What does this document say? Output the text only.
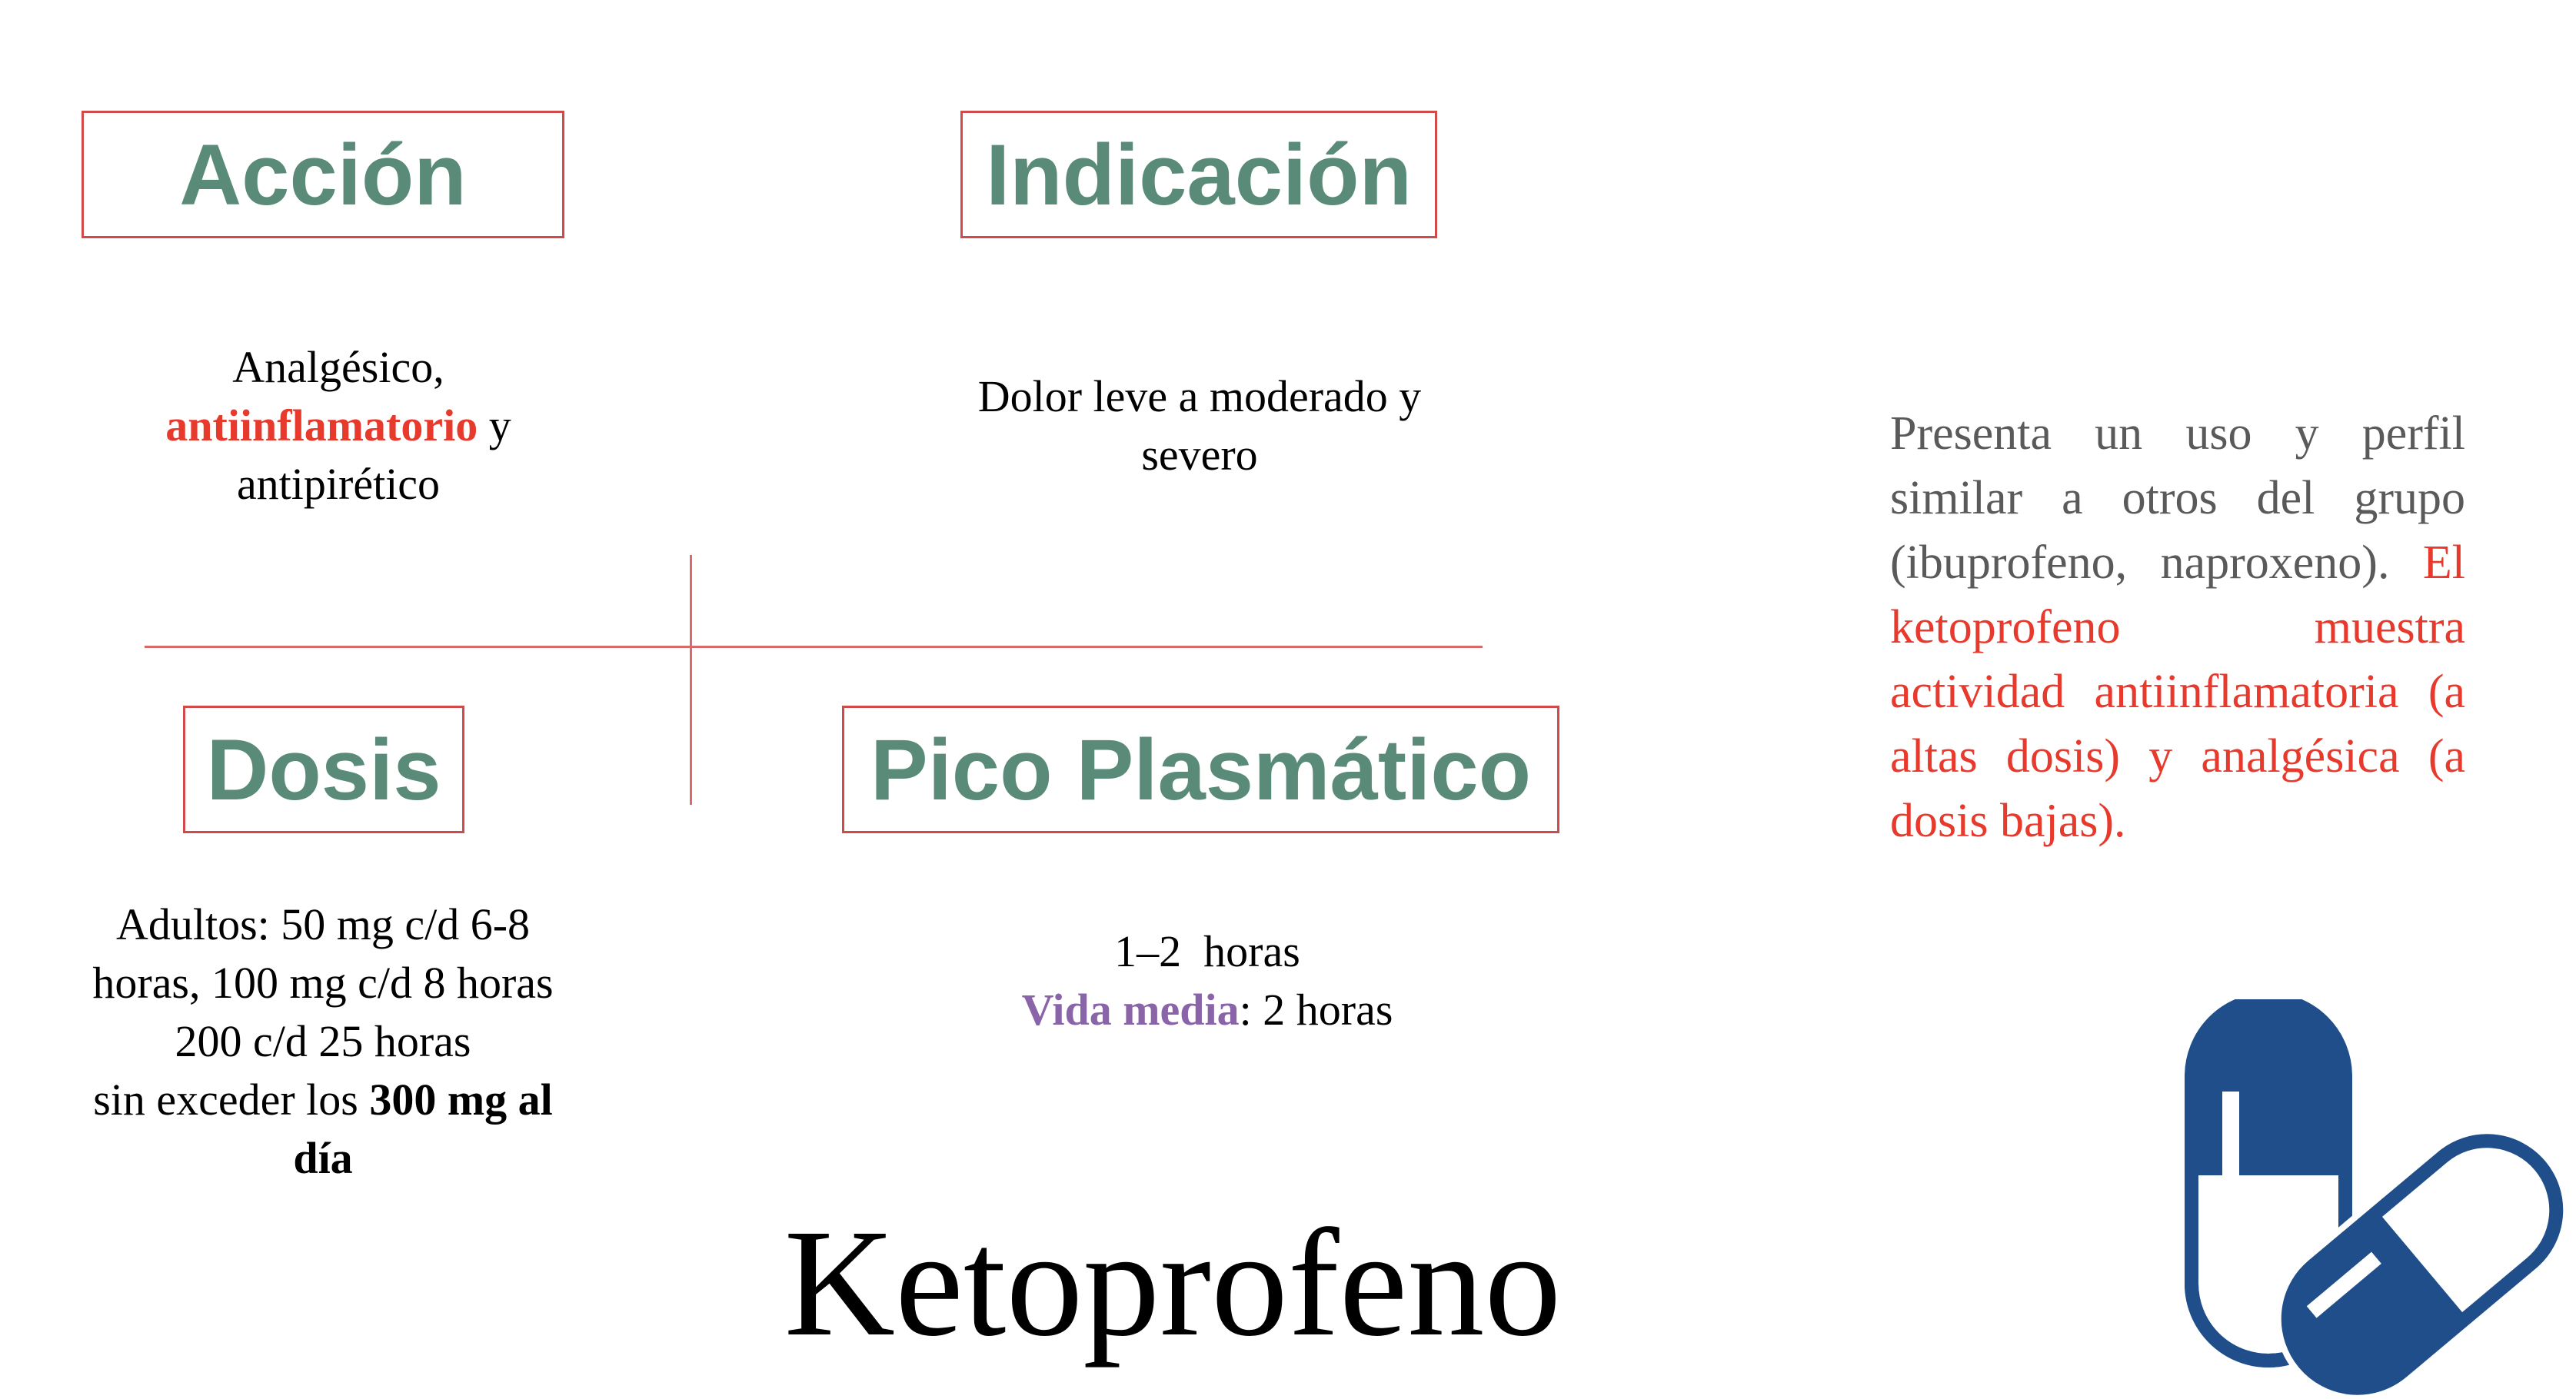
Acción	Indicación
Dosis	Pico Plasmático
Analgésico,
antiinflamatorio y
antipirético
Dolor leve a moderado y
severo
Adultos: 50 mg c/d 6-8
horas, 100 mg c/d 8 horas
200 c/d 25 horas
sin exceder los 300 mg al
día
1–2  horas
Vida media: 2 horas
Presenta un uso y perfil similar a otros del grupo (ibuprofeno, naproxeno). El ketoprofeno muestra actividad antiinflamatoria (a altas dosis) y analgésica (a dosis bajas).
Ketoprofeno
